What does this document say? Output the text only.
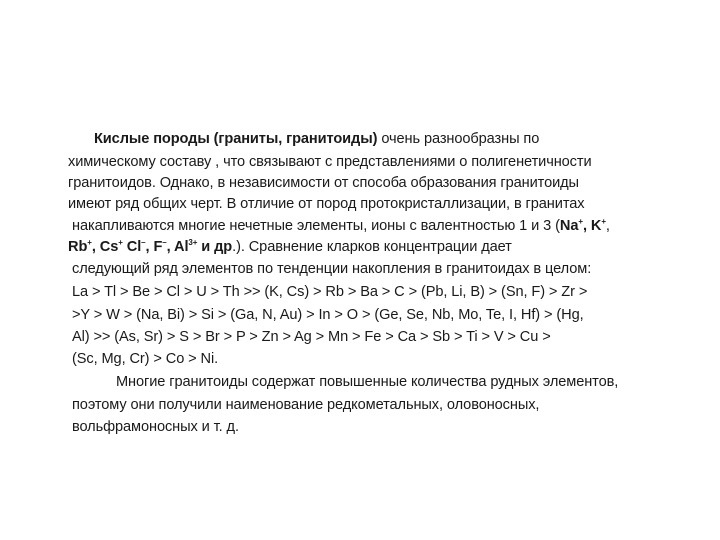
Кислые породы (граниты, гранитоиды) очень разнообразны по
химическому составу , что связывают с представлениями о полигенетичности
гранитоидов. Однако, в независимости от способа образования гранитоиды
имеют ряд общих черт. В отличие от пород протокристаллизации, в гранитах
накапливаются многие нечетные элементы, ионы с валентностью 1 и 3 (Na+, K+,
Rb+, Cs+ Cl–, F–, $Al^{3+}$ и др.). Сравнение кларков концентрации дает
следующий ряд элементов по тенденции накопления в гранитоидах в целом:
La > Tl > Be > Cl > U > Th >> (K, Cs) > Rb > Ba > C > (Pb, Li, B) > (Sn, F) > Zr >
>Y > W > (Na, Bi) > Si > (Ga, N, Au) > In > O > (Ge, Se, Nb, Mo, Te, I, Hf) > (Hg,
Al) >> (As, Sr) > S > Br > P > Zn > Ag > Mn > Fe > Ca > Sb > Ti > V > Cu >
(Sc, Mg, Cr) > Co > Ni.
Многие гранитоиды содержат повышенные количества рудных элементов,
поэтому они получили наименование редкометальных, оловоносных,
вольфрамоносных и т. д.
